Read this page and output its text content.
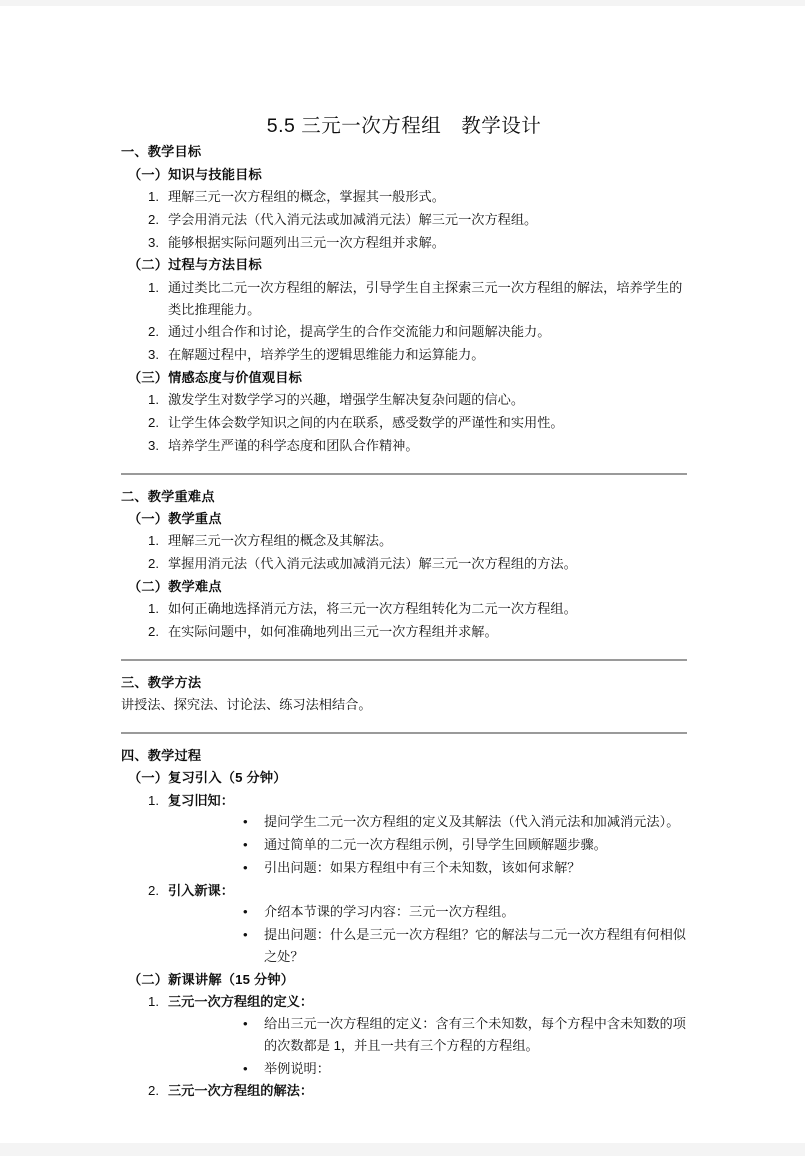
5.5 三元一次方程组　教学设计
一、教学目标
（一）知识与技能目标
1. 理解三元一次方程组的概念，掌握其一般形式。
2. 学会用消元法（代入消元法或加减消元法）解三元一次方程组。
3. 能够根据实际问题列出三元一次方程组并求解。
（二）过程与方法目标
1. 通过类比二元一次方程组的解法，引导学生自主探索三元一次方程组的解法，培养学生的类比推理能力。
2. 通过小组合作和讨论，提高学生的合作交流能力和问题解决能力。
3. 在解题过程中，培养学生的逻辑思维能力和运算能力。
（三）情感态度与价值观目标
1. 激发学生对数学学习的兴趣，增强学生解决复杂问题的信心。
2. 让学生体会数学知识之间的内在联系，感受数学的严谨性和实用性。
3. 培养学生严谨的科学态度和团队合作精神。
二、教学重难点
（一）教学重点
1. 理解三元一次方程组的概念及其解法。
2. 掌握用消元法（代入消元法或加减消元法）解三元一次方程组的方法。
（二）教学难点
1. 如何正确地选择消元方法，将三元一次方程组转化为二元一次方程组。
2. 在实际问题中，如何准确地列出三元一次方程组并求解。
三、教学方法

讲授法、探究法、讨论法、练习法相结合。

四、教学过程
（一）复习引入（5 分钟）
1. 复习旧知：
• 提问学生二元一次方程组的定义及其解法（代入消元法和加减消元法）。
• 通过简单的二元一次方程组示例，引导学生回顾解题步骤。
• 引出问题：如果方程组中有三个未知数，该如何求解？
2. 引入新课：
• 介绍本节课的学习内容：三元一次方程组。
• 提出问题：什么是三元一次方程组？它的解法与二元一次方程组有何相似之处？
（二）新课讲解（15 分钟）
1. 三元一次方程组的定义：
• 给出三元一次方程组的定义：含有三个未知数，每个方程中含未知数的项的次数都是 1，并且一共有三个方程的方程组。
• 举例说明：
2. 三元一次方程组的解法：
